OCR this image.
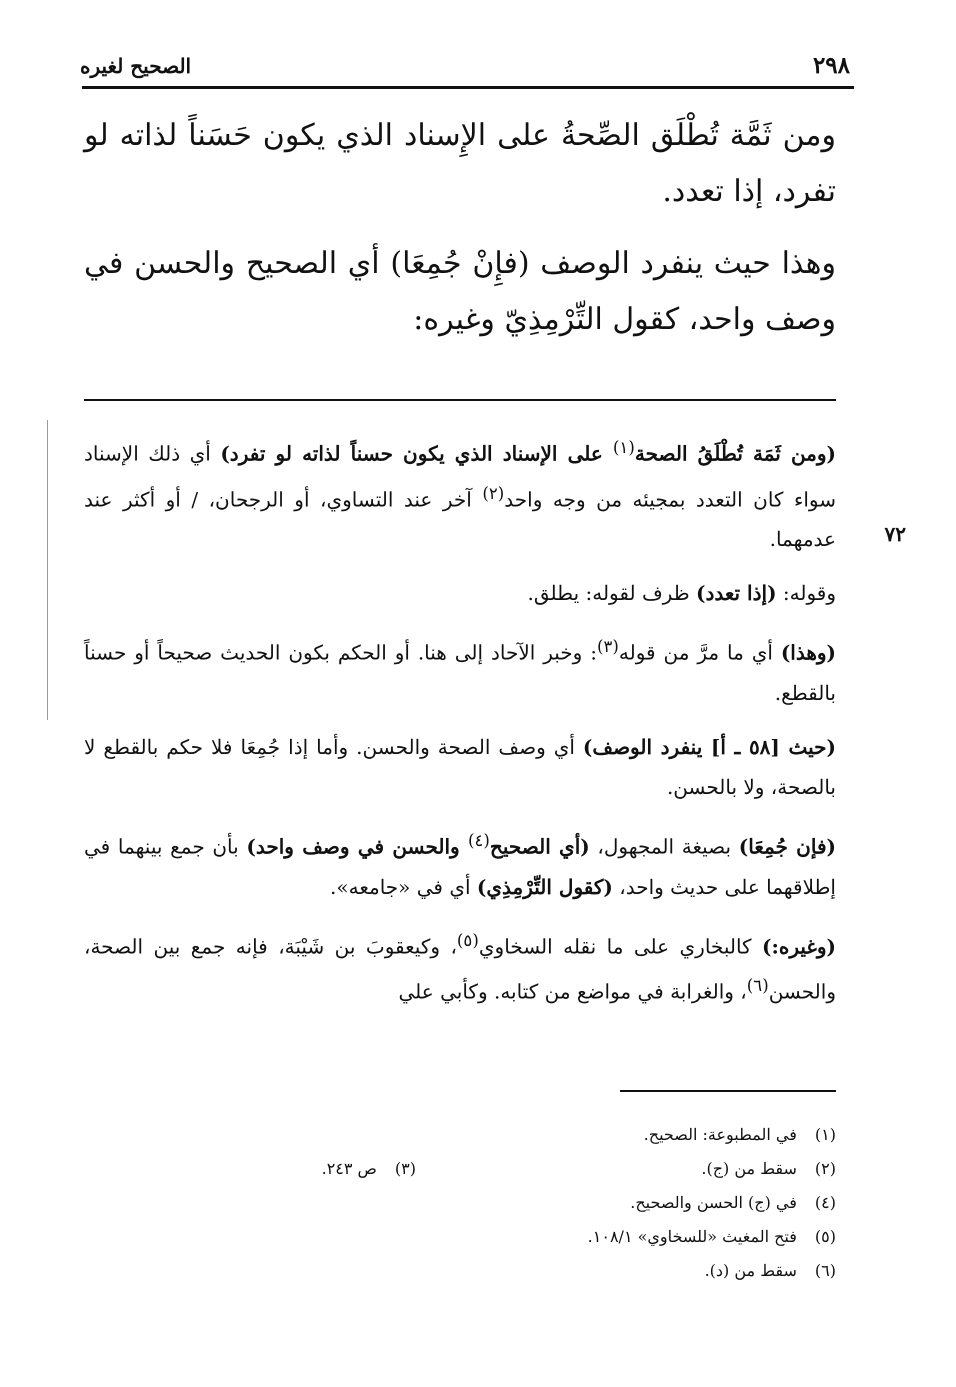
٢٩٨
الصحيح لغيره

ومن ثَمَّة تُطْلَق الصِّحةُ على الإِسناد الذي يكون حَسَناً لذاته لو تفرد، إذا تعدد.

وهذا حيث ينفرد الوصف (فإِنْ جُمِعَا) أي الصحيح والحسن في وصف واحد، كقول التِّرْمِذِيّ وغيره:

٧٢

(ومن ثَمَة تُطْلَقُ الصحة$^{(١)}$ على الإسناد الذي يكون حسناً لذاته لو تفرد) أي ذلك الإسناد سواء كان التعدد بمجيئه من وجه واحد$^{(٢)}$ آخر عند التساوي، أو الرجحان، / أو أكثر عند عدمهما.

وقوله: (إذا تعدد) ظرف لقوله: يطلق.

(وهذا) أي ما مرَّ من قوله$^{(٣)}$: وخبر الآحاد إلى هنا. أو الحكم بكون الحديث صحيحاً أو حسناً بالقطع.

(حيث [٥٨ ـ أ] ينفرد الوصف) أي وصف الصحة والحسن. وأما إذا جُمِعَا فلا حكم بالقطع لا بالصحة، ولا بالحسن.

(فإن جُمِعَا) بصيغة المجهول، (أي الصحيح$^{(٤)}$ والحسن في وصف واحد) بأن جمع بينهما في إطلاقهما على حديث واحد، (كقول التِّرْمِذِي) أي في «جامعه».

(وغيره:) كالبخاري على ما نقله السخاوي$^{(٥)}$، وكيعقوبَ بن شَيْبَة، فإنه جمع بين الصحة، والحسن$^{(٦)}$، والغرابة في مواضع من كتابه. وكأبي علي

(١) في المطبوعة: الصحيح.
(٢) سقط من (ج).
(٣) ص ٢٤٣.
(٤) في (ج) الحسن والصحيح.
(٥) فتح المغيث «للسخاوي» ١٠٨/١.
(٦) سقط من (د).
